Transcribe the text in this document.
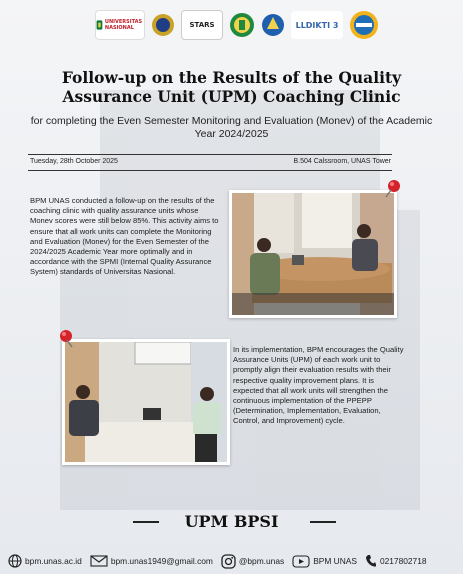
UNIVERSITAS NASIONAL	STARS	LLDIKTI 3
Follow-up on the Results of the Quality Assurance Unit (UPM) Coaching Clinic
for completing the Even Semester Monitoring and Evaluation (Monev) of the Academic Year 2024/2025
Tuesday, 28th October 2025	B.504 Calssroom, UNAS Tower
BPM UNAS conducted a follow-up on the results of the coaching clinic with quality assurance units whose Monev scores were still below 85%. This activity aims to ensure that all work units can complete the Monitoring and Evaluation (Monev) for the Even Semester of the 2024/2025 Academic Year more optimally and in accordance with the SPMI (Internal Quality Assurance System) standards of Universitas Nasional.
In its implementation, BPM encourages the Quality Assurance Units (UPM) of each work unit to promptly align their evaluation results with their respective quality improvement plans. It is expected that all work units will strengthen the continuous implementation of the PPEPP (Determination, Implementation, Evaluation, Control, and Improvement) cycle.
UPM BPSI
bpm.unas.ac.id	bpm.unas1949@gmail.com	@bpm.unas	BPM UNAS	0217802718
